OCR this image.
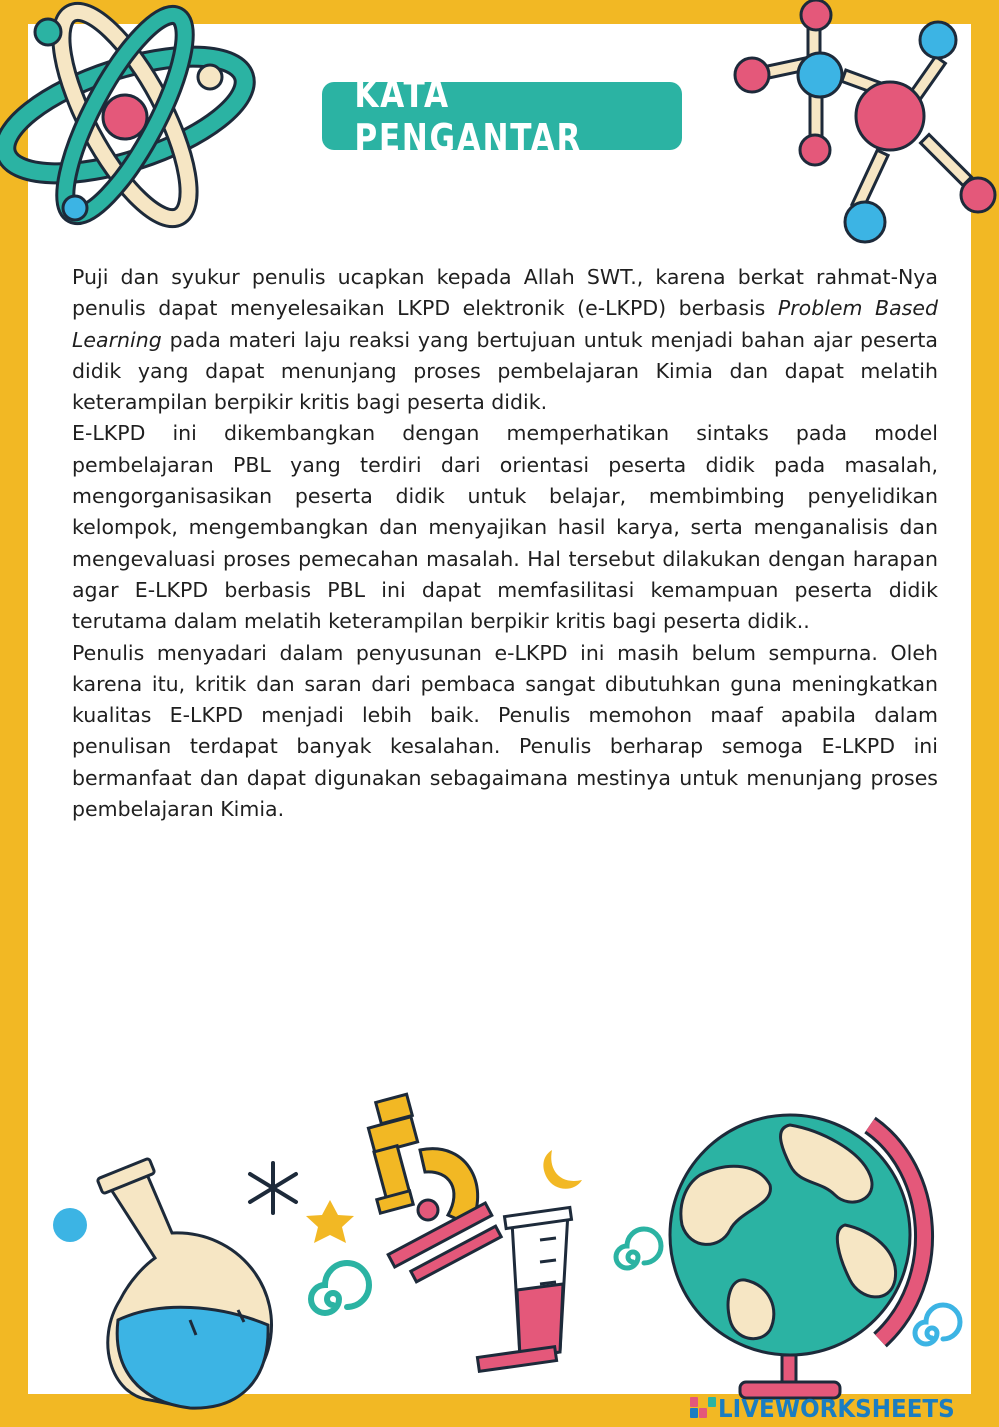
KATA PENGANTAR

Puji dan syukur penulis ucapkan kepada Allah SWT., karena berkat rahmat-Nya penulis dapat menyelesaikan LKPD elektronik (e-LKPD) berbasis Problem Based Learning pada materi laju reaksi yang bertujuan untuk menjadi bahan ajar peserta didik yang dapat menunjang proses pembelajaran Kimia dan dapat melatih keterampilan berpikir kritis bagi peserta didik.

E-LKPD ini dikembangkan dengan memperhatikan sintaks pada model pembelajaran PBL yang terdiri dari orientasi peserta didik pada masalah, mengorganisasikan peserta didik untuk belajar, membimbing penyelidikan kelompok, mengembangkan dan menyajikan hasil karya, serta menganalisis dan mengevaluasi proses pemecahan masalah. Hal tersebut dilakukan dengan harapan agar E-LKPD berbasis PBL ini dapat memfasilitasi kemampuan peserta didik terutama dalam melatih keterampilan berpikir kritis bagi peserta didik..

Penulis menyadari dalam penyusunan e-LKPD ini masih belum sempurna. Oleh karena itu, kritik dan saran dari pembaca sangat dibutuhkan guna meningkatkan kualitas E-LKPD menjadi lebih baik. Penulis memohon maaf apabila dalam penulisan terdapat banyak kesalahan. Penulis berharap semoga E-LKPD ini bermanfaat dan dapat digunakan sebagaimana mestinya untuk menunjang proses pembelajaran Kimia.

LIVEWORKSHEETS
